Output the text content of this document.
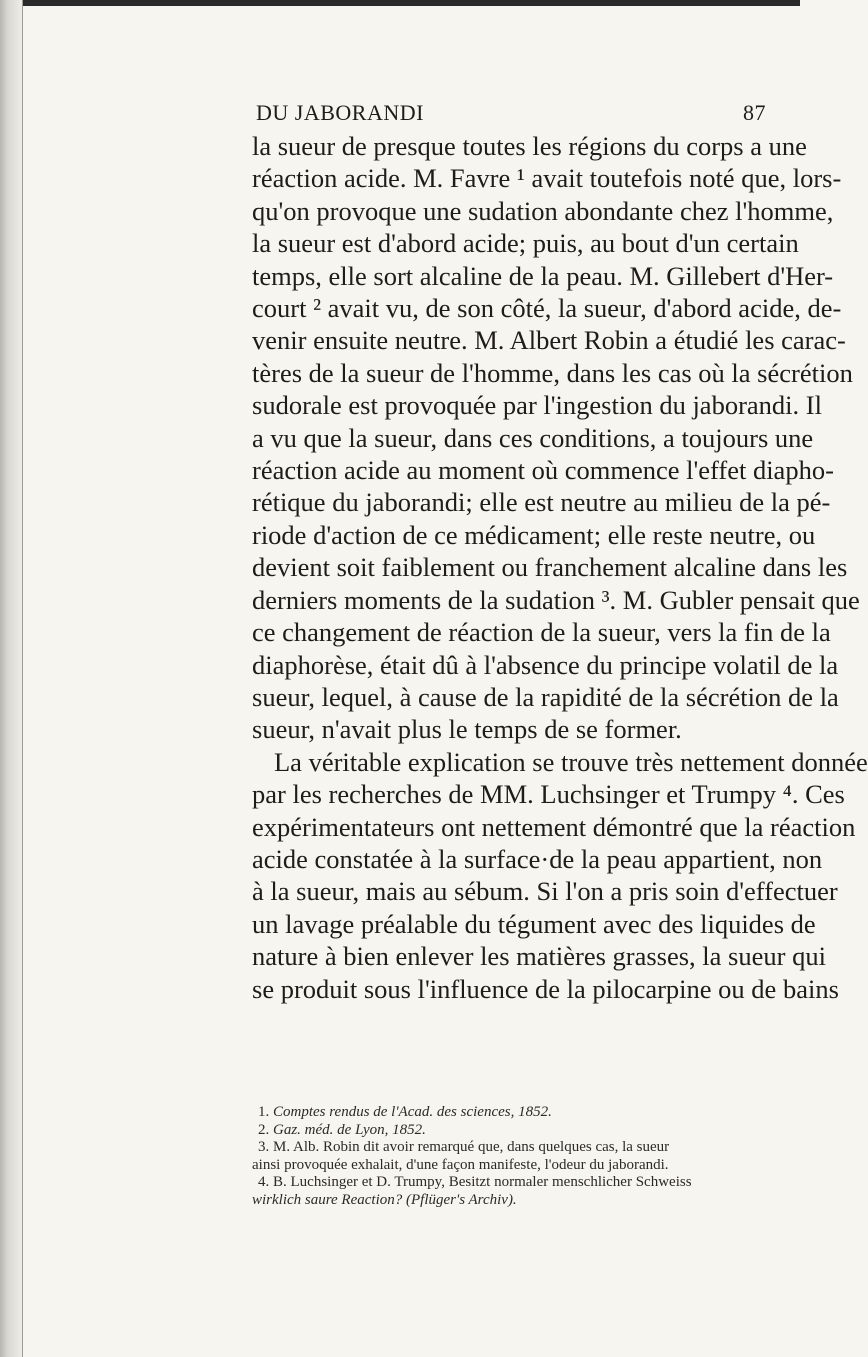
DU JABORANDI	87
la sueur de presque toutes les régions du corps a une
réaction acide. M. Favre ¹ avait toutefois noté que, lors-
qu'on provoque une sudation abondante chez l'homme,
la sueur est d'abord acide; puis, au bout d'un certain
temps, elle sort alcaline de la peau. M. Gillebert d'Her-
court ² avait vu, de son côté, la sueur, d'abord acide, de-
venir ensuite neutre. M. Albert Robin a étudié les carac-
tères de la sueur de l'homme, dans les cas où la sécrétion
sudorale est provoquée par l'ingestion du jaborandi. Il
a vu que la sueur, dans ces conditions, a toujours une
réaction acide au moment où commence l'effet diapho-
rétique du jaborandi; elle est neutre au milieu de la pé-
riode d'action de ce médicament; elle reste neutre, ou
devient soit faiblement ou franchement alcaline dans les
derniers moments de la sudation ³. M. Gubler pensait que
ce changement de réaction de la sueur, vers la fin de la
diaphorèse, était dû à l'absence du principe volatil de la
sueur, lequel, à cause de la rapidité de la sécrétion de la
sueur, n'avait plus le temps de se former.
La véritable explication se trouve très nettement donnée
par les recherches de MM. Luchsinger et Trumpy ⁴. Ces
expérimentateurs ont nettement démontré que la réaction
acide constatée à la surface·de la peau appartient, non
à la sueur, mais au sébum. Si l'on a pris soin d'effectuer
un lavage préalable du tégument avec des liquides de
nature à bien enlever les matières grasses, la sueur qui
se produit sous l'influence de la pilocarpine ou de bains
1. Comptes rendus de l'Acad. des sciences, 1852.
2. Gaz. méd. de Lyon, 1852.
3. M. Alb. Robin dit avoir remarqué que, dans quelques cas, la sueur
ainsi provoquée exhalait, d'une façon manifeste, l'odeur du jaborandi.
4. B. Luchsinger et D. Trumpy, Besitzt normaler menschlicher Schweiss
wirklich saure Reaction? (Pflüger's Archiv).
